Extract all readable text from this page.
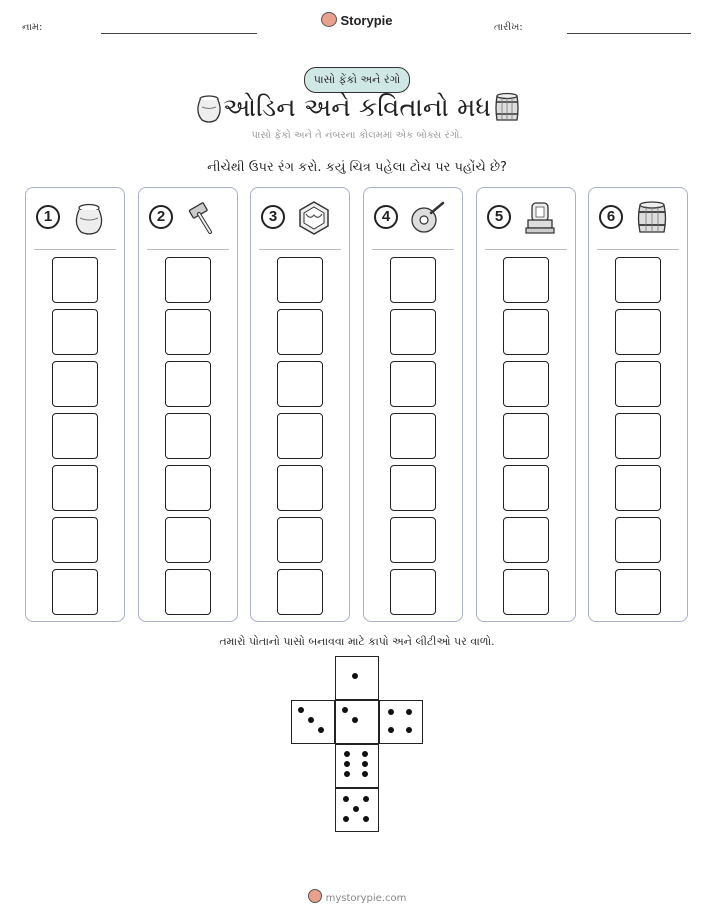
નામ:	Storypie	તારીખ:
પાસો ફેંકો અને રંગો
ઓડિન અને કવિતાનો મધ
પાસો ફેંકો અને તે નંબરના કોલમમાં એક બોક્સ રંગો.
નીચેથી ઉપર રંગ કરો. કયું ચિત્ર પહેલા ટોચ પર પહોંચે છે?
1	2	3	4	5	6
તમારો પોતાનો પાસો બનાવવા માટે કાપો અને લીટીઓ પર વાળો.
mystorypie.com
